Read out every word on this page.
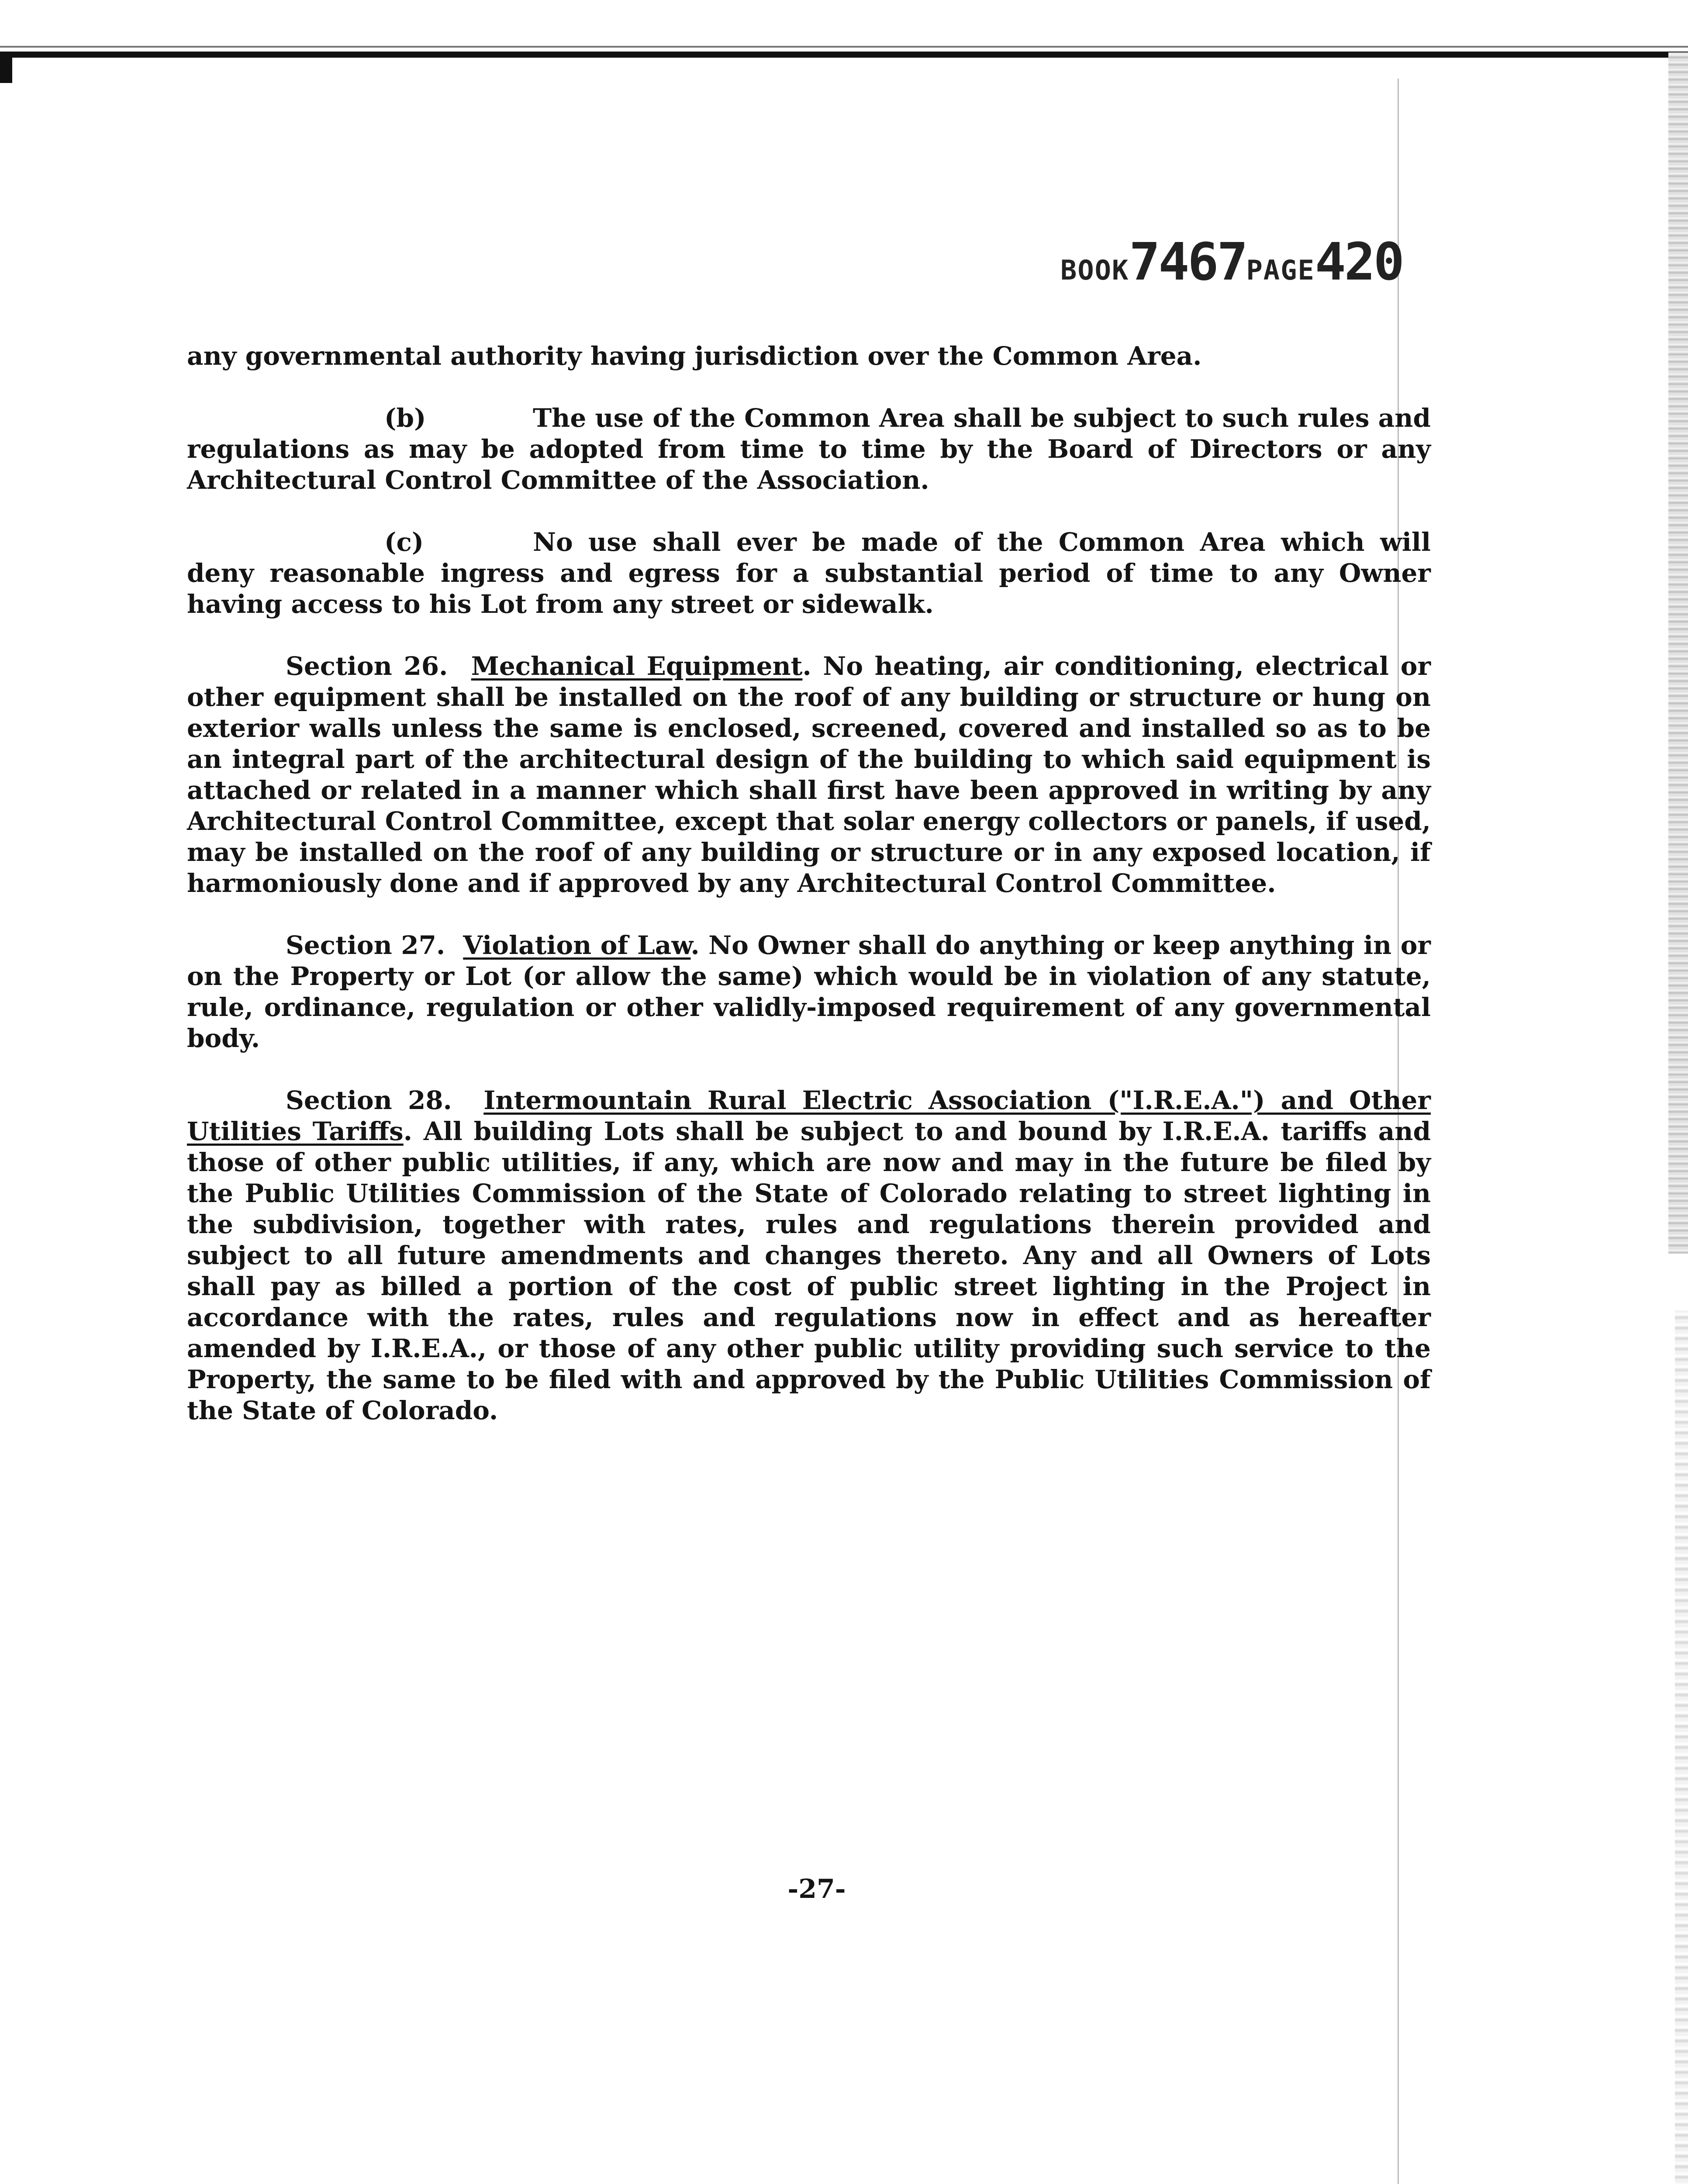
BOOK7467PAGE420

any governmental authority having jurisdiction over the Common Area.

(b)	The use of the Common Area shall be subject to such rules and regulations as may be adopted from time to time by the Board of Directors or any Architectural Control Committee of the Association.

(c)	No use shall ever be made of the Common Area which will deny reasonable ingress and egress for a substantial period of time to any Owner having access to his Lot from any street or sidewalk.

Section 26. Mechanical Equipment. No heating, air conditioning, electrical or other equipment shall be installed on the roof of any building or structure or hung on exterior walls unless the same is enclosed, screened, covered and installed so as to be an integral part of the architectural design of the building to which said equipment is attached or related in a manner which shall first have been approved in writing by any Architectural Control Committee, except that solar energy collectors or panels, if used, may be installed on the roof of any building or structure or in any exposed location, if harmoniously done and if approved by any Architectural Control Committee.

Section 27. Violation of Law. No Owner shall do anything or keep anything in or on the Property or Lot (or allow the same) which would be in violation of any statute, rule, ordinance, regulation or other validly-imposed requirement of any governmental body.

Section 28. Intermountain Rural Electric Association ("I.R.E.A.") and Other Utilities Tariffs. All building Lots shall be subject to and bound by I.R.E.A. tariffs and those of other public utilities, if any, which are now and may in the future be filed by the Public Utilities Commission of the State of Colorado relating to street lighting in the subdivision, together with rates, rules and regulations therein provided and subject to all future amendments and changes thereto. Any and all Owners of Lots shall pay as billed a portion of the cost of public street lighting in the Project in accordance with the rates, rules and regulations now in effect and as hereafter amended by I.R.E.A., or those of any other public utility providing such service to the Property, the same to be filed with and approved by the Public Utilities Commission of the State of Colorado.

-27-
